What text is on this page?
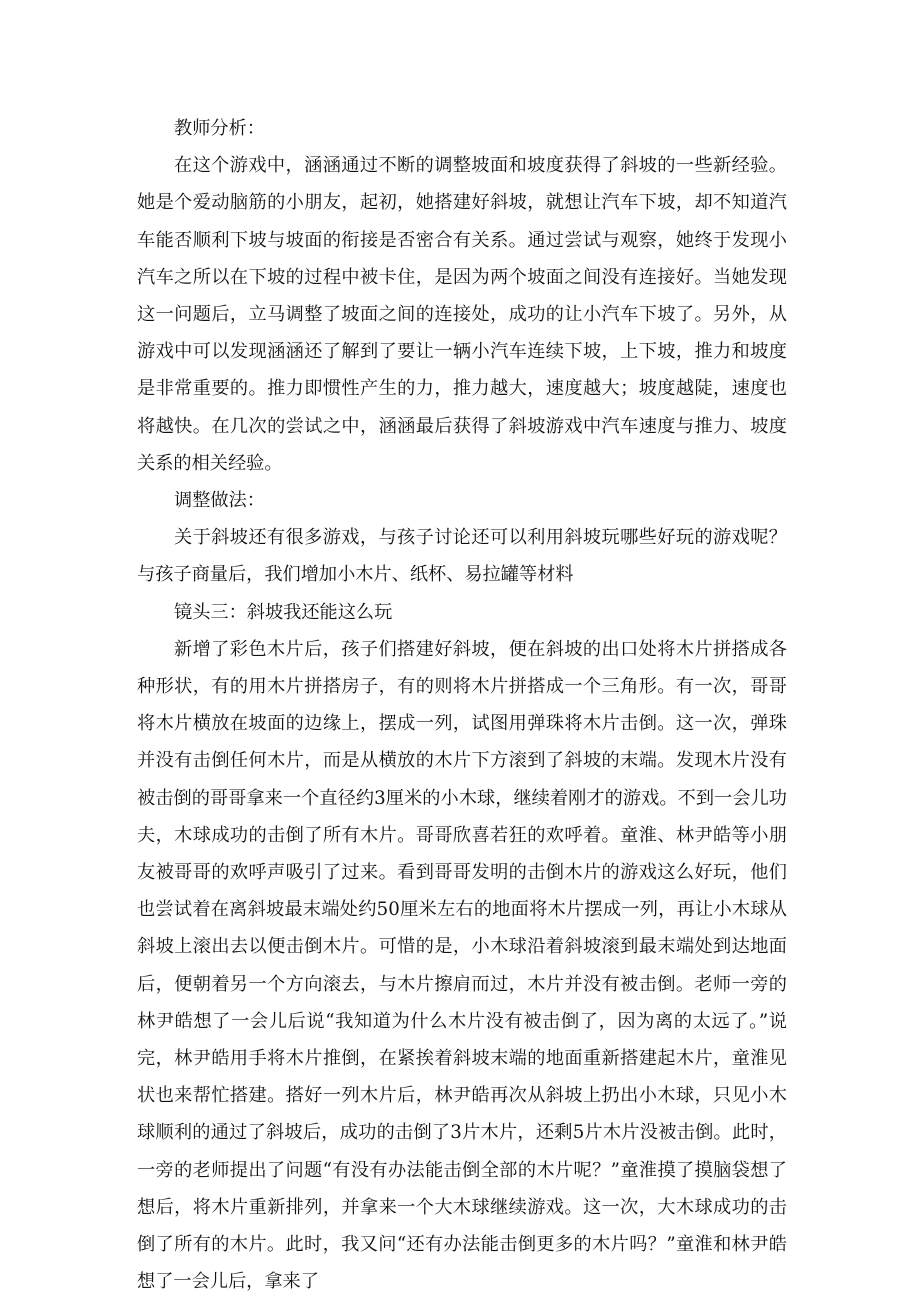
教师分析：

在这个游戏中，涵涵通过不断的调整坡面和坡度获得了斜坡的一些新经验。她是个爱动脑筋的小朋友，起初，她搭建好斜坡，就想让汽车下坡，却不知道汽车能否顺利下坡与坡面的衔接是否密合有关系。通过尝试与观察，她终于发现小汽车之所以在下坡的过程中被卡住，是因为两个坡面之间没有连接好。当她发现这一问题后，立马调整了坡面之间的连接处，成功的让小汽车下坡了。另外，从游戏中可以发现涵涵还了解到了要让一辆小汽车连续下坡，上下坡，推力和坡度是非常重要的。推力即惯性产生的力，推力越大，速度越大；坡度越陡，速度也将越快。在几次的尝试之中，涵涵最后获得了斜坡游戏中汽车速度与推力、坡度关系的相关经验。

调整做法：

关于斜坡还有很多游戏，与孩子讨论还可以利用斜坡玩哪些好玩的游戏呢？与孩子商量后，我们增加小木片、纸杯、易拉罐等材料

镜头三：斜坡我还能这么玩

新增了彩色木片后，孩子们搭建好斜坡，便在斜坡的出口处将木片拼搭成各种形状，有的用木片拼搭房子，有的则将木片拼搭成一个三角形。有一次，哥哥将木片横放在坡面的边缘上，摆成一列，试图用弹珠将木片击倒。这一次，弹珠并没有击倒任何木片，而是从横放的木片下方滚到了斜坡的末端。发现木片没有被击倒的哥哥拿来一个直径约3厘米的小木球，继续着刚才的游戏。不到一会儿功夫，木球成功的击倒了所有木片。哥哥欣喜若狂的欢呼着。童淮、林尹皓等小朋友被哥哥的欢呼声吸引了过来。看到哥哥发明的击倒木片的游戏这么好玩，他们也尝试着在离斜坡最末端处约50厘米左右的地面将木片摆成一列，再让小木球从斜坡上滚出去以便击倒木片。可惜的是，小木球沿着斜坡滚到最末端处到达地面后，便朝着另一个方向滚去，与木片擦肩而过，木片并没有被击倒。老师一旁的林尹皓想了一会儿后说“我知道为什么木片没有被击倒了，因为离的太远了。”说完，林尹皓用手将木片推倒，在紧挨着斜坡末端的地面重新搭建起木片，童淮见状也来帮忙搭建。搭好一列木片后，林尹皓再次从斜坡上扔出小木球，只见小木球顺利的通过了斜坡后，成功的击倒了3片木片，还剩5片木片没被击倒。此时，一旁的老师提出了问题“有没有办法能击倒全部的木片呢？”童淮摸了摸脑袋想了想后，将木片重新排列，并拿来一个大木球继续游戏。这一次，大木球成功的击倒了所有的木片。此时，我又问“还有办法能击倒更多的木片吗？”童淮和林尹皓想了一会儿后，拿来了
